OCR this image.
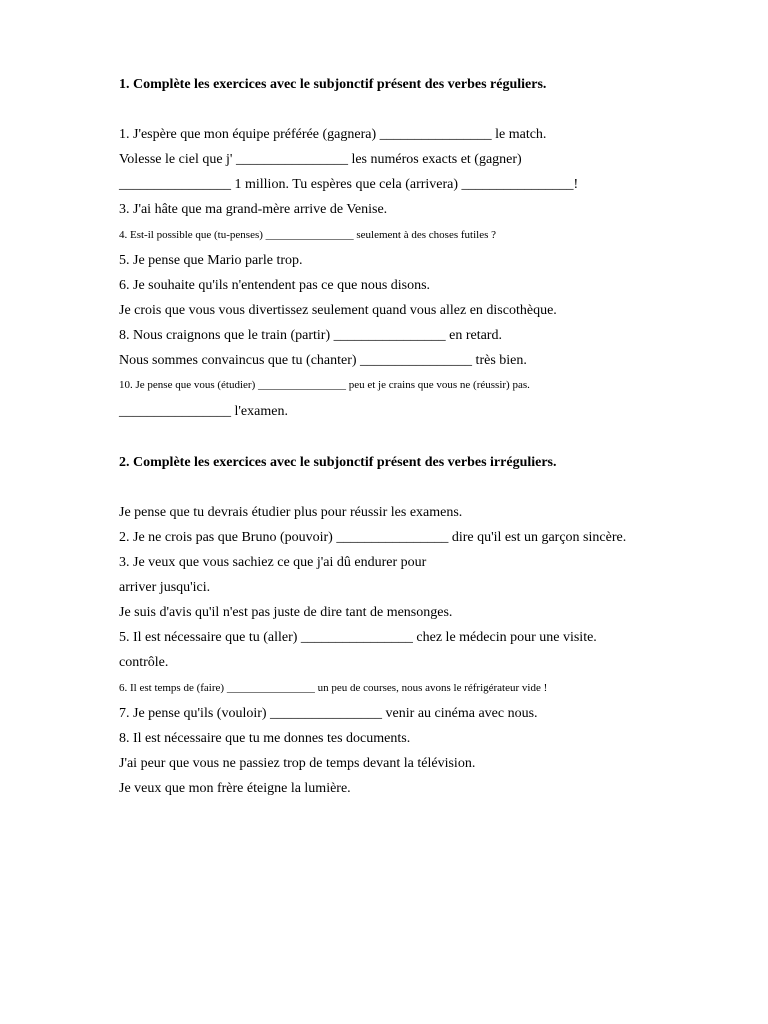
1. Complète les exercices avec le subjonctif présent des verbes réguliers.
1. J'espère que mon équipe préférée (gagnera) ________________ le match.
Volesse le ciel que j' ________________ les numéros exacts et (gagner)
________________ 1 million. Tu espères que cela (arrivera) ________________!
3. J'ai hâte que ma grand-mère arrive de Venise.
4. Est-il possible que (tu-penses) ________________ seulement à des choses futiles ?
5. Je pense que Mario parle trop.
6. Je souhaite qu'ils n'entendent pas ce que nous disons.
Je crois que vous vous divertissez seulement quand vous allez en discothèque.
8. Nous craignons que le train (partir) ________________ en retard.
Nous sommes convaincus que tu (chanter) ________________ très bien.
10. Je pense que vous (étudier) ________________ peu et je crains que vous ne (réussir) pas.
________________ l'examen.
2. Complète les exercices avec le subjonctif présent des verbes irréguliers.
Je pense que tu devrais étudier plus pour réussir les examens.
2. Je ne crois pas que Bruno (pouvoir) ________________ dire qu'il est un garçon sincère.
3. Je veux que vous sachiez ce que j'ai dû endurer pour
arriver jusqu'ici.
Je suis d'avis qu'il n'est pas juste de dire tant de mensonges.
5. Il est nécessaire que tu (aller) ________________ chez le médecin pour une visite.
contrôle.
6. Il est temps de (faire) ________________ un peu de courses, nous avons le réfrigérateur vide !
7. Je pense qu'ils (vouloir) ________________ venir au cinéma avec nous.
8. Il est nécessaire que tu me donnes tes documents.
J'ai peur que vous ne passiez trop de temps devant la télévision.
Je veux que mon frère éteigne la lumière.
